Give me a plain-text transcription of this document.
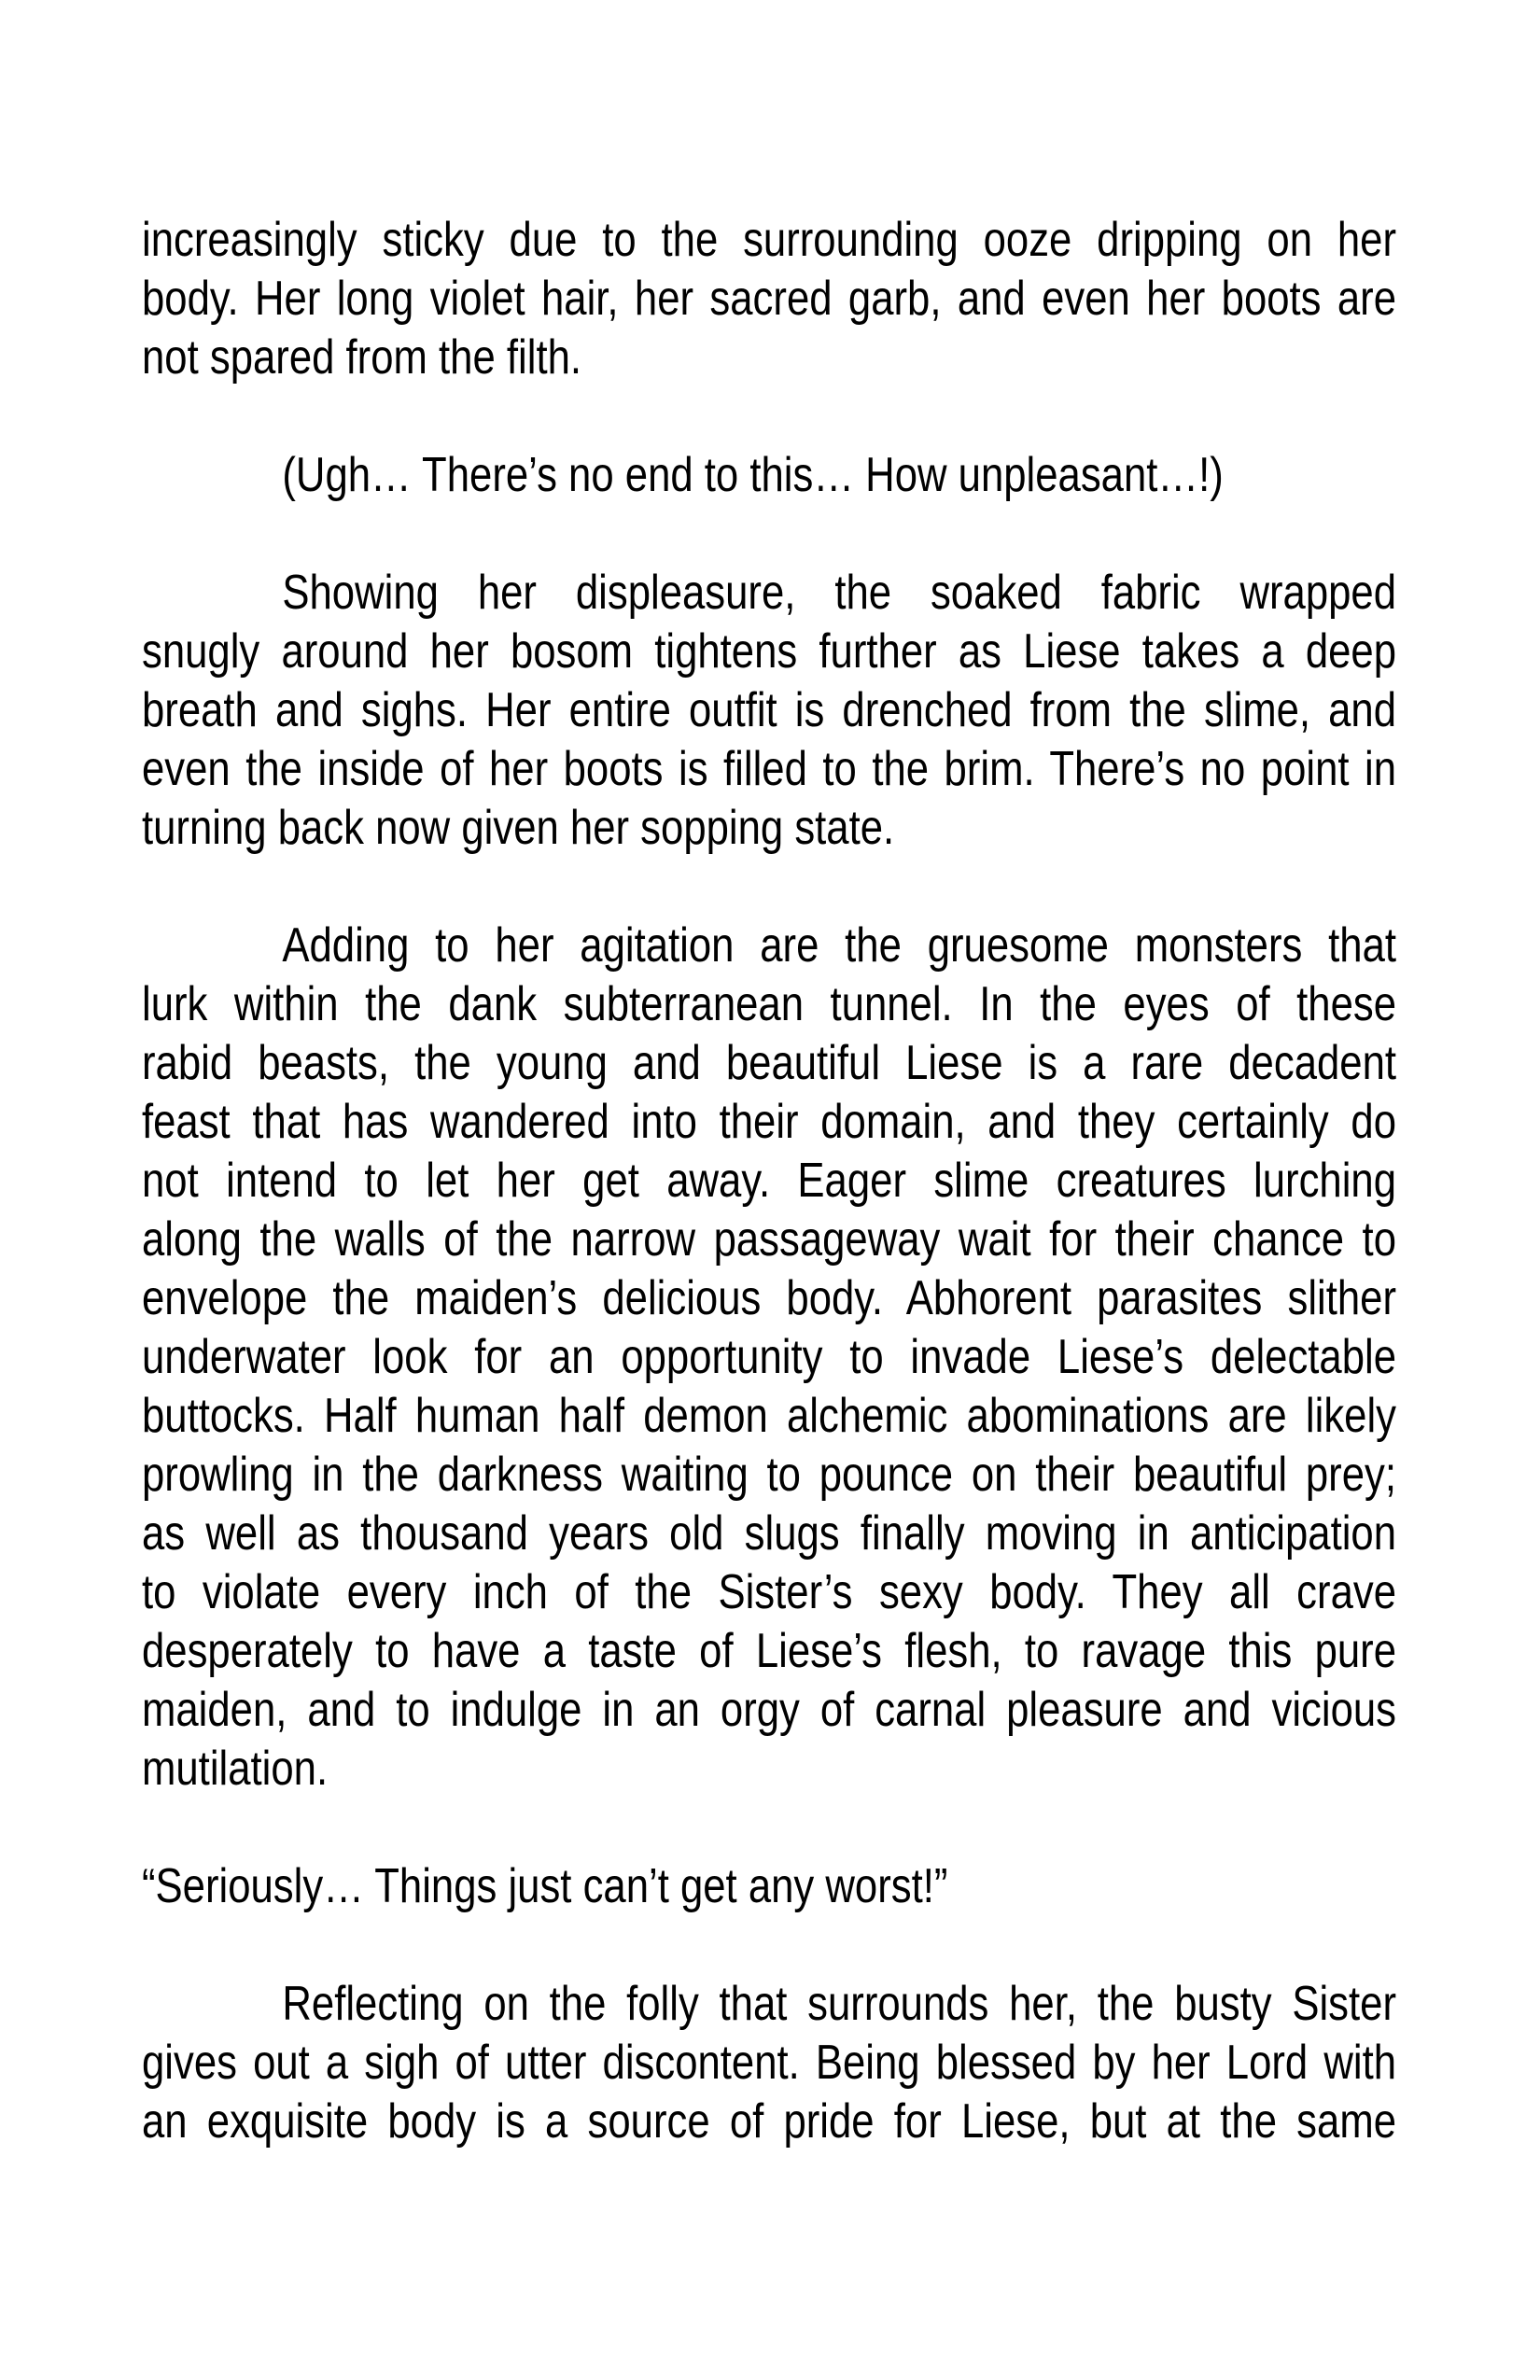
increasingly sticky due to the surrounding ooze dripping on her
body. Her long violet hair, her sacred garb, and even her boots are
not spared from the filth.

(Ugh… There’s no end to this… How unpleasant…!)

Showing her displeasure, the soaked fabric wrapped
snugly around her bosom tightens further as Liese takes a deep
breath and sighs. Her entire outfit is drenched from the slime, and
even the inside of her boots is filled to the brim. There’s no point in
turning back now given her sopping state.

Adding to her agitation are the gruesome monsters that
lurk within the dank subterranean tunnel. In the eyes of these
rabid beasts, the young and beautiful Liese is a rare decadent
feast that has wandered into their domain, and they certainly do
not intend to let her get away. Eager slime creatures lurching
along the walls of the narrow passageway wait for their chance to
envelope the maiden’s delicious body. Abhorent parasites slither
underwater look for an opportunity to invade Liese’s delectable
buttocks. Half human half demon alchemic abominations are likely
prowling in the darkness waiting to pounce on their beautiful prey;
as well as thousand years old slugs finally moving in anticipation
to violate every inch of the Sister’s sexy body. They all crave
desperately to have a taste of Liese’s flesh, to ravage this pure
maiden, and to indulge in an orgy of carnal pleasure and vicious
mutilation.

“Seriously… Things just can’t get any worst!”

Reflecting on the folly that surrounds her, the busty Sister
gives out a sigh of utter discontent. Being blessed by her Lord with
an exquisite body is a source of pride for Liese, but at the same
